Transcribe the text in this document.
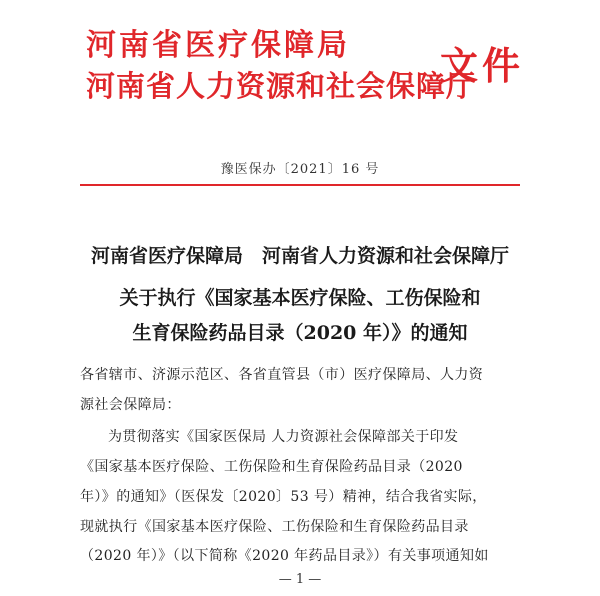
河南省医疗保障局
河南省人力资源和社会保障厅
文件
豫医保办〔2021〕16 号
河南省医疗保障局　河南省人力资源和社会保障厅
关于执行《国家基本医疗保险、工伤保险和
生育保险药品目录（2020 年）》的通知
各省辖市、济源示范区、各省直管县（市）医疗保障局、人力资
源社会保障局：
为贯彻落实《国家医保局 人力资源社会保障部关于印发
《国家基本医疗保险、工伤保险和生育保险药品目录（2020
年）》的通知》（医保发〔2020〕53 号）精神，结合我省实际，
现就执行《国家基本医疗保险、工伤保险和生育保险药品目录
（2020 年）》（以下简称《2020 年药品目录》）有关事项通知如
— 1 —
